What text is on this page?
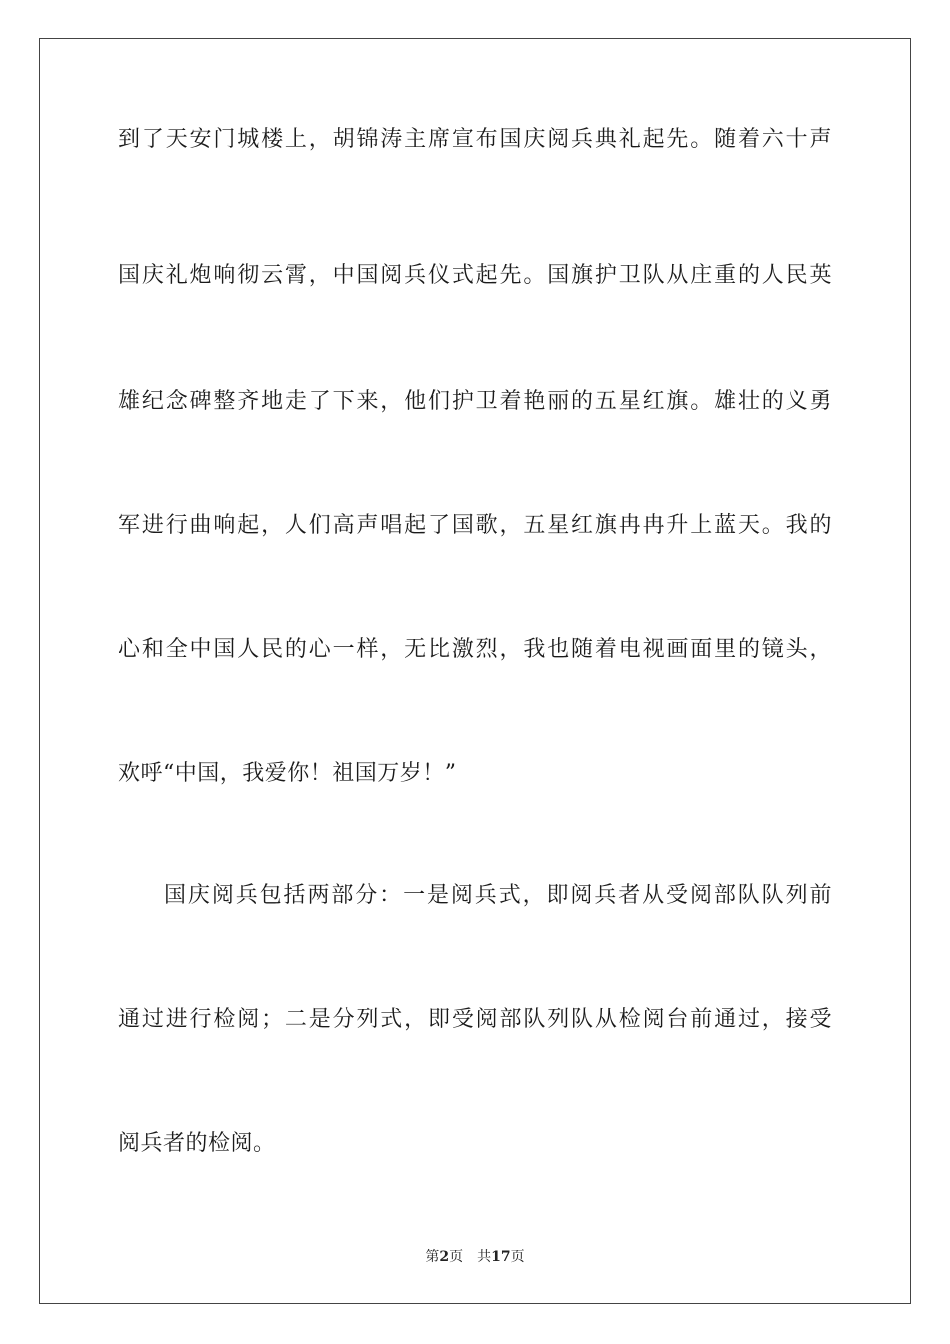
到了天安门城楼上，胡锦涛主席宣布国庆阅兵典礼起先。随着六十声
国庆礼炮响彻云霄，中国阅兵仪式起先。国旗护卫队从庄重的人民英
雄纪念碑整齐地走了下来，他们护卫着艳丽的五星红旗。雄壮的义勇
军进行曲响起，人们高声唱起了国歌，五星红旗冉冉升上蓝天。我的
心和全中国人民的心一样，无比激烈，我也随着电视画面里的镜头，
欢呼“中国，我爱你！祖国万岁！”
国庆阅兵包括两部分：一是阅兵式，即阅兵者从受阅部队队列前
通过进行检阅；二是分列式，即受阅部队列队从检阅台前通过，接受
阅兵者的检阅。
第2页 共17页
